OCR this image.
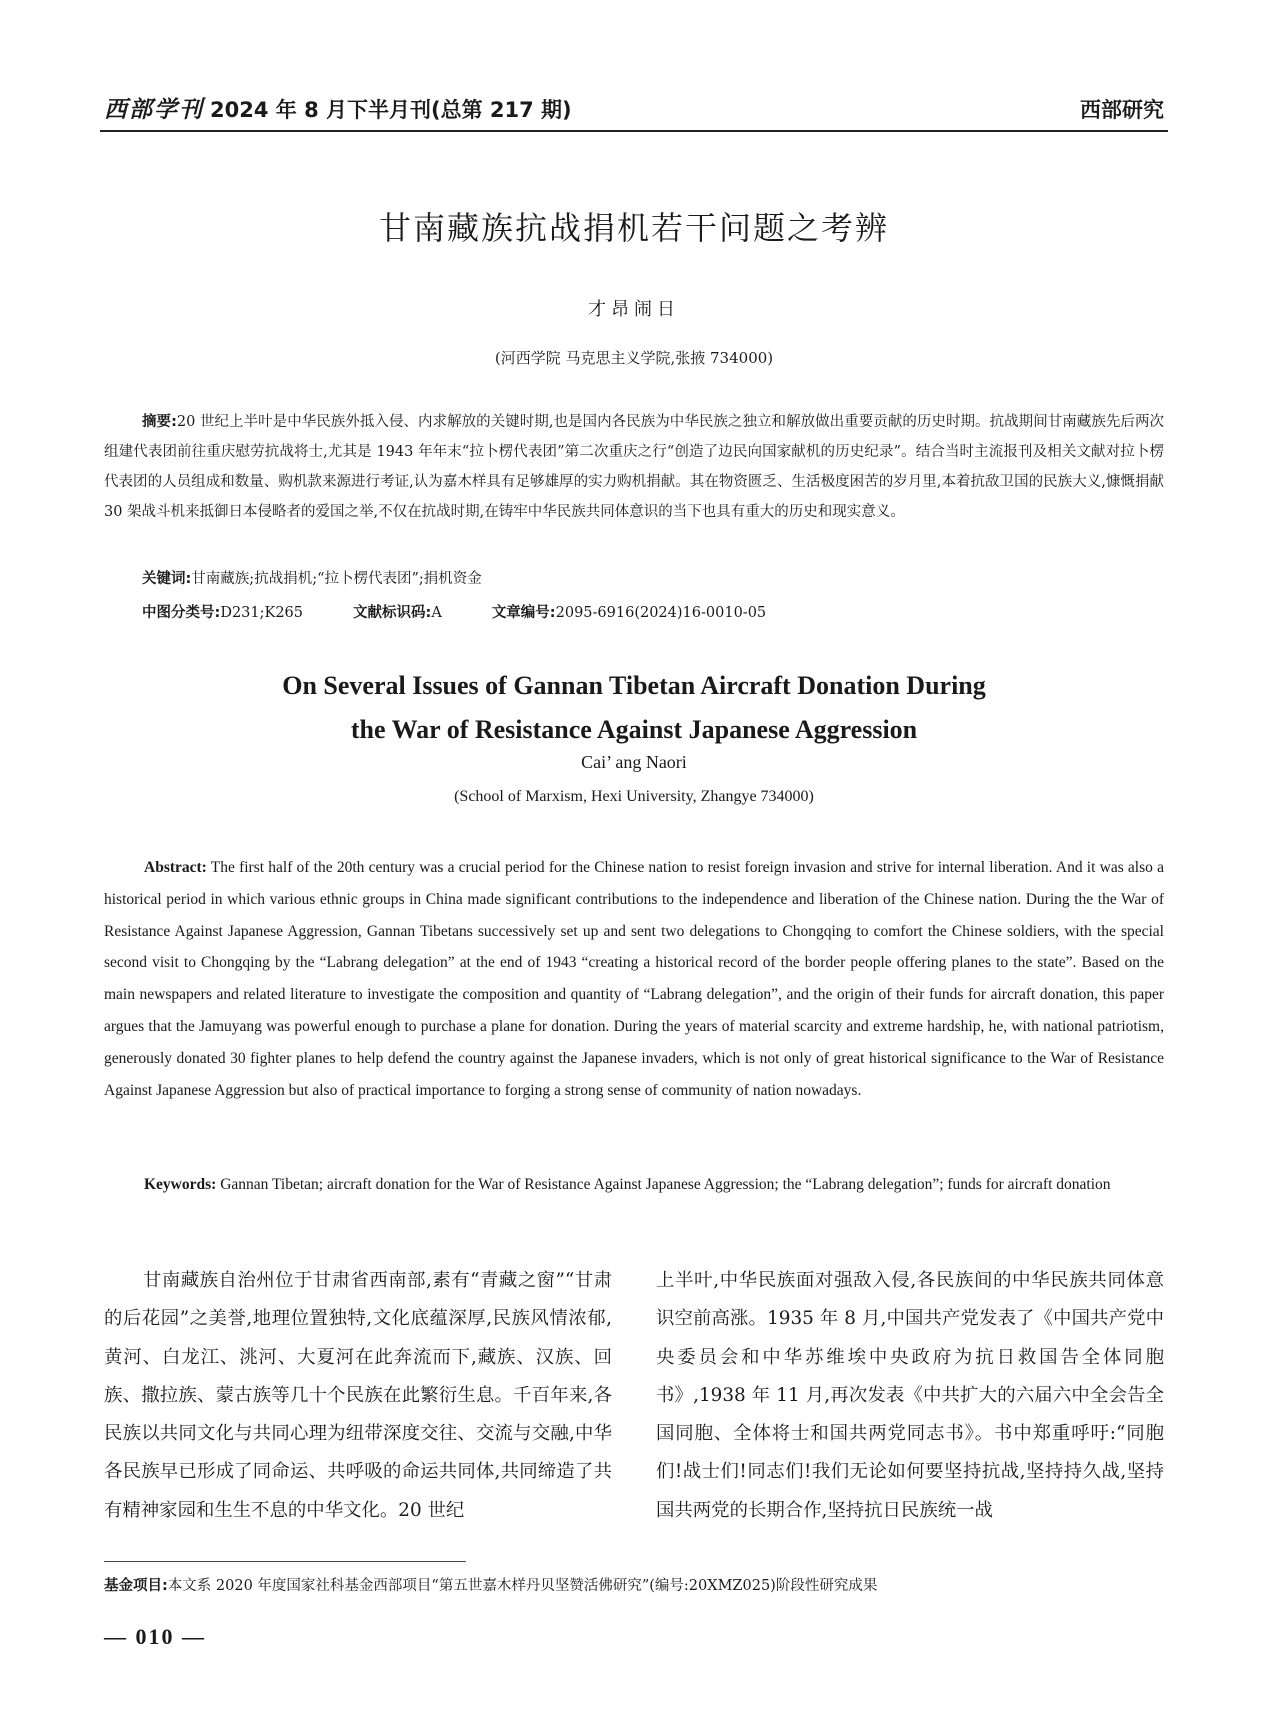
西部学刊 2024 年 8 月下半月刊(总第 217 期)	西部研究
甘南藏族抗战捐机若干问题之考辨
才昂闹日
(河西学院 马克思主义学院,张掖 734000)
摘要:20 世纪上半叶是中华民族外抵入侵、内求解放的关键时期,也是国内各民族为中华民族之独立和解放做出重要贡献的历史时期。抗战期间甘南藏族先后两次组建代表团前往重庆慰劳抗战将士,尤其是 1943 年年末“拉卜楞代表团”第二次重庆之行“创造了边民向国家献机的历史纪录”。结合当时主流报刊及相关文献对拉卜楞代表团的人员组成和数量、购机款来源进行考证,认为嘉木样具有足够雄厚的实力购机捐献。其在物资匮乏、生活极度困苦的岁月里,本着抗敌卫国的民族大义,慷慨捐献 30 架战斗机来抵御日本侵略者的爱国之举,不仅在抗战时期,在铸牢中华民族共同体意识的当下也具有重大的历史和现实意义。
关键词:甘南藏族;抗战捐机;“拉卜楞代表团”;捐机资金
中图分类号:D231;K265	文献标识码:A	文章编号:2095-6916(2024)16-0010-05
On Several Issues of Gannan Tibetan Aircraft Donation During
the War of Resistance Against Japanese Aggression
Cai’ ang Naori
(School of Marxism, Hexi University, Zhangye 734000)
Abstract: The first half of the 20th century was a crucial period for the Chinese nation to resist foreign invasion and strive for internal liberation. And it was also a historical period in which various ethnic groups in China made significant contributions to the independence and liberation of the Chinese nation. During the the War of Resistance Against Japanese Aggression, Gannan Tibetans successively set up and sent two delegations to Chongqing to comfort the Chinese soldiers, with the special second visit to Chongqing by the “Labrang delegation” at the end of 1943 “creating a historical record of the border people offering planes to the state”. Based on the main newspapers and related literature to investigate the composition and quantity of “Labrang delegation”, and the origin of their funds for aircraft donation, this paper argues that the Jamuyang was powerful enough to purchase a plane for donation. During the years of material scarcity and extreme hardship, he, with national patriotism, generously donated 30 fighter planes to help defend the country against the Japanese invaders, which is not only of great historical significance to the War of Resistance Against Japanese Aggression but also of practical importance to forging a strong sense of community of nation nowadays.
Keywords: Gannan Tibetan; aircraft donation for the War of Resistance Against Japanese Aggression; the “Labrang delegation”; funds for aircraft donation
甘南藏族自治州位于甘肃省西南部,素有“青藏之窗”“甘肃的后花园”之美誉,地理位置独特,文化底蕴深厚,民族风情浓郁,黄河、白龙江、洮河、大夏河在此奔流而下,藏族、汉族、回族、撒拉族、蒙古族等几十个民族在此繁衍生息。千百年来,各民族以共同文化与共同心理为纽带深度交往、交流与交融,中华各民族早已形成了同命运、共呼吸的命运共同体,共同缔造了共有精神家园和生生不息的中华文化。20 世纪
上半叶,中华民族面对强敌入侵,各民族间的中华民族共同体意识空前高涨。1935 年 8 月,中国共产党发表了《中国共产党中央委员会和中华苏维埃中央政府为抗日救国告全体同胞书》,1938 年 11 月,再次发表《中共扩大的六届六中全会告全国同胞、全体将士和国共两党同志书》。书中郑重呼吁:“同胞们!战士们!同志们!我们无论如何要坚持抗战,坚持持久战,坚持国共两党的长期合作,坚持抗日民族统一战
基金项目:本文系 2020 年度国家社科基金西部项目“第五世嘉木样丹贝坚赞活佛研究”(编号:20XMZ025)阶段性研究成果
— 010 —
